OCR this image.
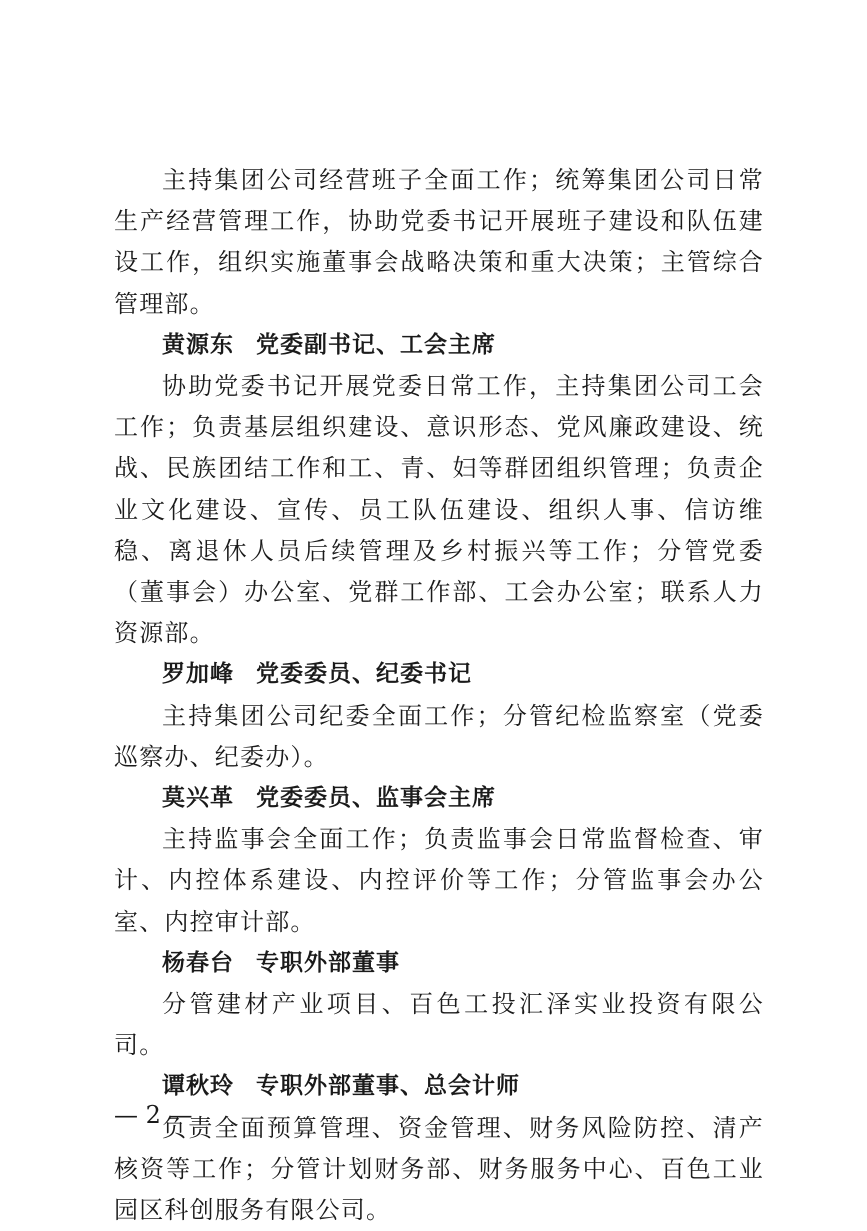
主持集团公司经营班子全面工作；统筹集团公司日常生产经营管理工作，协助党委书记开展班子建设和队伍建设工作，组织实施董事会战略决策和重大决策；主管综合管理部。

黄源东 党委副书记、工会主席

协助党委书记开展党委日常工作，主持集团公司工会工作；负责基层组织建设、意识形态、党风廉政建设、统战、民族团结工作和工、青、妇等群团组织管理；负责企业文化建设、宣传、员工队伍建设、组织人事、信访维稳、离退休人员后续管理及乡村振兴等工作；分管党委（董事会）办公室、党群工作部、工会办公室；联系人力资源部。

罗加峰 党委委员、纪委书记

主持集团公司纪委全面工作；分管纪检监察室（党委巡察办、纪委办）。

莫兴革 党委委员、监事会主席

主持监事会全面工作；负责监事会日常监督检查、审计、内控体系建设、内控评价等工作；分管监事会办公室、内控审计部。

杨春台 专职外部董事

分管建材产业项目、百色工投汇泽实业投资有限公司。

谭秋玲 专职外部董事、总会计师

负责全面预算管理、资金管理、财务风险防控、清产核资等工作；分管计划财务部、财务服务中心、百色工业园区科创服务有限公司。

— 2 —
